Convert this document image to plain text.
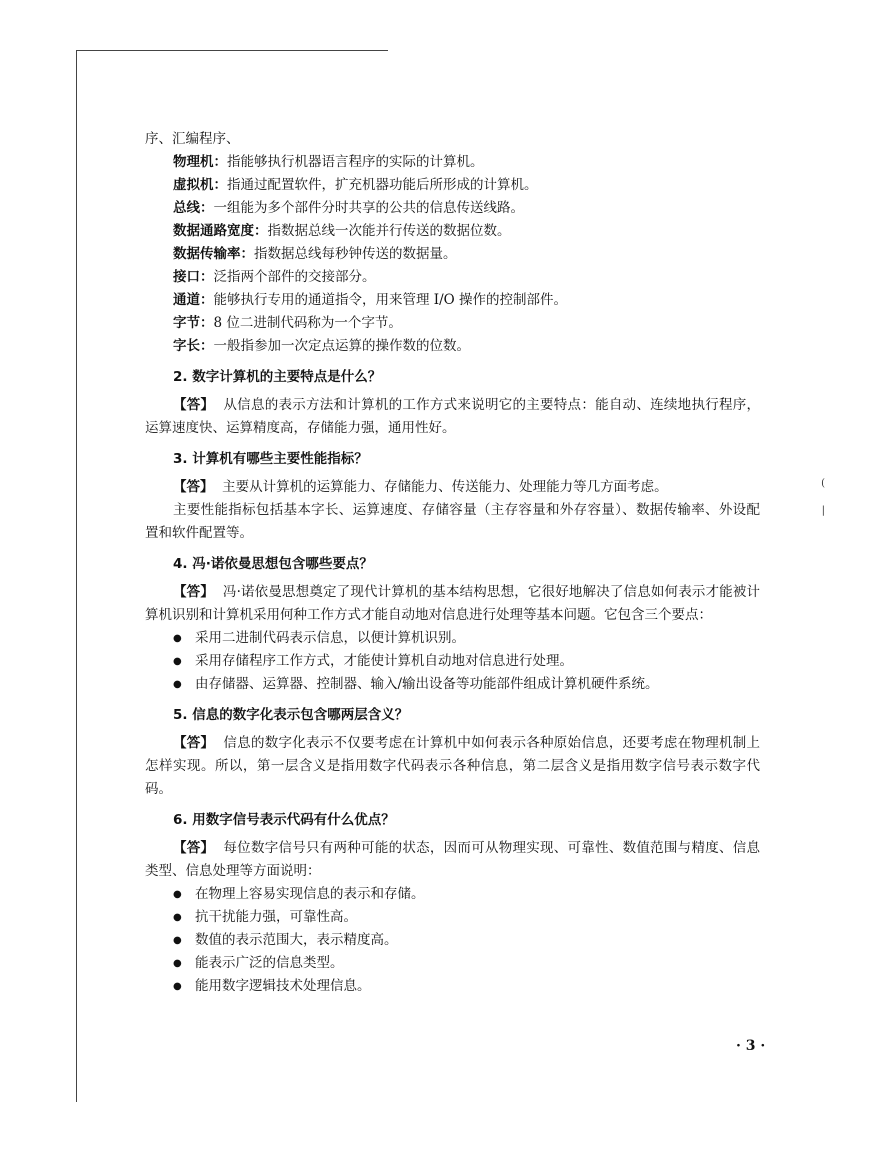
序、汇编程序、

物理机：指能够执行机器语言程序的实际的计算机。

虚拟机：指通过配置软件，扩充机器功能后所形成的计算机。

总线：一组能为多个部件分时共享的公共的信息传送线路。

数据通路宽度：指数据总线一次能并行传送的数据位数。

数据传输率：指数据总线每秒钟传送的数据量。

接口：泛指两个部件的交接部分。

通道：能够执行专用的通道指令，用来管理 I/O 操作的控制部件。

字节：8 位二进制代码称为一个字节。

字长：一般指参加一次定点运算的操作数的位数。

2. 数字计算机的主要特点是什么？

【答】 从信息的表示方法和计算机的工作方式来说明它的主要特点：能自动、连续地执行程序，运算速度快、运算精度高，存储能力强，通用性好。

3. 计算机有哪些主要性能指标？

【答】 主要从计算机的运算能力、存储能力、传送能力、处理能力等几方面考虑。

主要性能指标包括基本字长、运算速度、存储容量（主存容量和外存容量）、数据传输率、外设配置和软件配置等。

4. 冯·诺依曼思想包含哪些要点？

【答】 冯·诺依曼思想奠定了现代计算机的基本结构思想，它很好地解决了信息如何表示才能被计算机识别和计算机采用何种工作方式才能自动地对信息进行处理等基本问题。它包含三个要点：

● 采用二进制代码表示信息，以便计算机识别。
● 采用存储程序工作方式，才能使计算机自动地对信息进行处理。
● 由存储器、运算器、控制器、输入/输出设备等功能部件组成计算机硬件系统。
5. 信息的数字化表示包含哪两层含义？

【答】 信息的数字化表示不仅要考虑在计算机中如何表示各种原始信息，还要考虑在物理机制上怎样实现。所以，第一层含义是指用数字代码表示各种信息，第二层含义是指用数字信号表示数字代码。

6. 用数字信号表示代码有什么优点？

【答】 每位数字信号只有两种可能的状态，因而可从物理实现、可靠性、数值范围与精度、信息类型、信息处理等方面说明：

● 在物理上容易实现信息的表示和存储。
● 抗干扰能力强，可靠性高。
● 数值的表示范围大，表示精度高。
● 能表示广泛的信息类型。
● 能用数字逻辑技术处理信息。
(
|
· 3 ·
